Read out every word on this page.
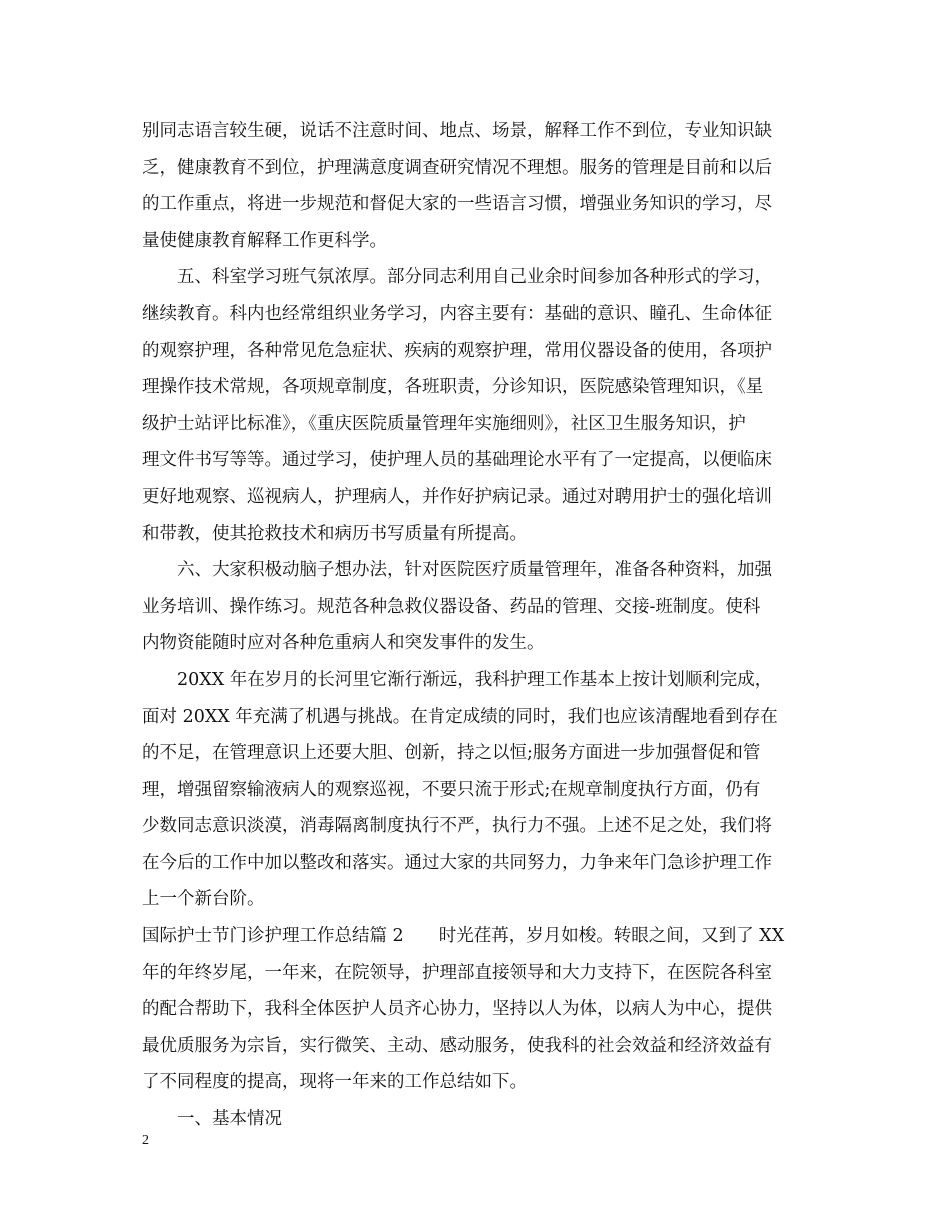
别同志语言较生硬，说话不注意时间、地点、场景，解释工作不到位，专业知识缺
乏，健康教育不到位，护理满意度调查研究情况不理想。服务的管理是目前和以后
的工作重点，将进一步规范和督促大家的一些语言习惯，增强业务知识的学习，尽
量使健康教育解释工作更科学。
五、科室学习班气氛浓厚。部分同志利用自己业余时间参加各种形式的学习，
继续教育。科内也经常组织业务学习，内容主要有：基础的意识、瞳孔、生命体征
的观察护理，各种常见危急症状、疾病的观察护理，常用仪器设备的使用，各项护
理操作技术常规，各项规章制度，各班职责，分诊知识，医院感染管理知识，《星
级护士站评比标准》，《重庆医院质量管理年实施细则》，社区卫生服务知识，护
理文件书写等等。通过学习，使护理人员的基础理论水平有了一定提高，以便临床
更好地观察、巡视病人，护理病人，并作好护病记录。通过对聘用护士的强化培训
和带教，使其抢救技术和病历书写质量有所提高。
六、大家积极动脑子想办法，针对医院医疗质量管理年，准备各种资料，加强
业务培训、操作练习。规范各种急救仪器设备、药品的管理、交接-班制度。使科
内物资能随时应对各种危重病人和突发事件的发生。
20XX 年在岁月的长河里它渐行渐远，我科护理工作基本上按计划顺利完成，
面对 20XX 年充满了机遇与挑战。在肯定成绩的同时，我们也应该清醒地看到存在
的不足，在管理意识上还要大胆、创新，持之以恒;服务方面进一步加强督促和管
理，增强留察输液病人的观察巡视，不要只流于形式;在规章制度执行方面，仍有
少数同志意识淡漠，消毒隔离制度执行不严，执行力不强。上述不足之处，我们将
在今后的工作中加以整改和落实。通过大家的共同努力，力争来年门急诊护理工作
上一个新台阶。
国际护士节门诊护理工作总结篇 2　　时光荏苒，岁月如梭。转眼之间，又到了 XX
年的年终岁尾，一年来，在院领导，护理部直接领导和大力支持下，在医院各科室
的配合帮助下，我科全体医护人员齐心协力，坚持以人为体，以病人为中心，提供
最优质服务为宗旨，实行微笑、主动、感动服务，使我科的社会效益和经济效益有
了不同程度的提高，现将一年来的工作总结如下。
一、基本情况
2
